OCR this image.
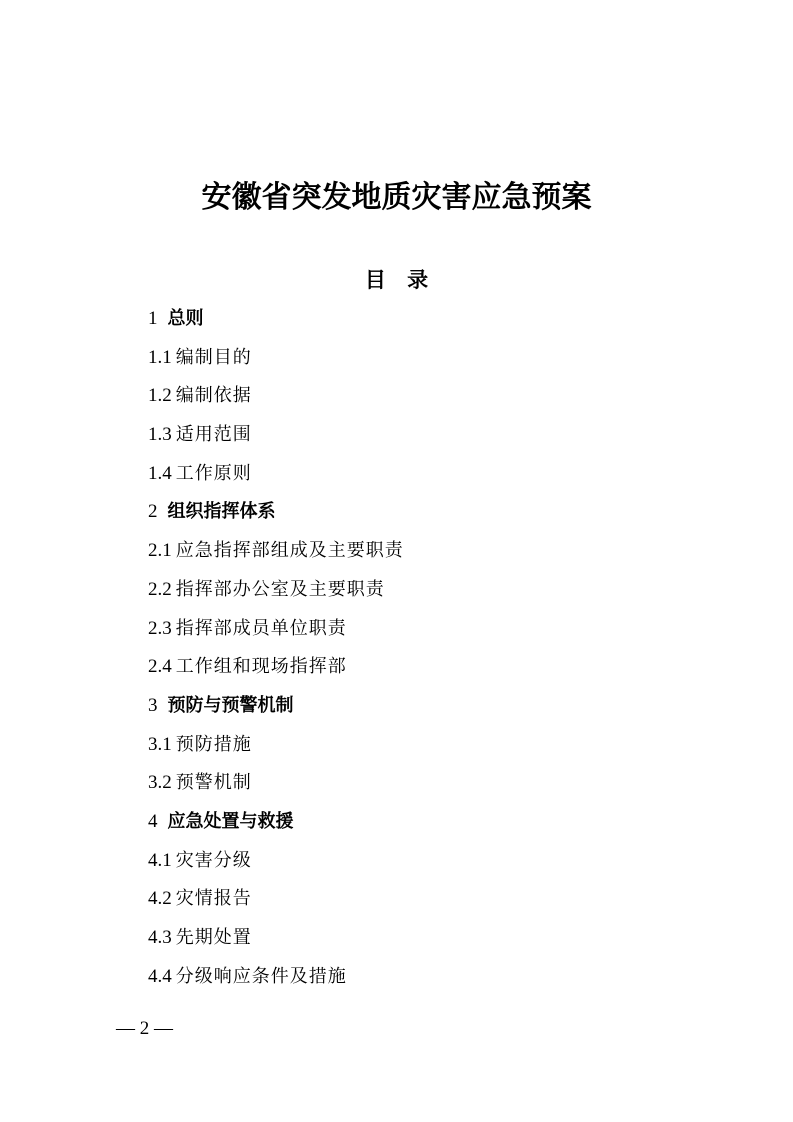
安徽省突发地质灾害应急预案
目 录
1 总则
1.1 编制目的
1.2 编制依据
1.3 适用范围
1.4 工作原则
2 组织指挥体系
2.1 应急指挥部组成及主要职责
2.2 指挥部办公室及主要职责
2.3 指挥部成员单位职责
2.4 工作组和现场指挥部
3 预防与预警机制
3.1 预防措施
3.2 预警机制
4 应急处置与救援
4.1 灾害分级
4.2 灾情报告
4.3 先期处置
4.4 分级响应条件及措施
— 2 —
